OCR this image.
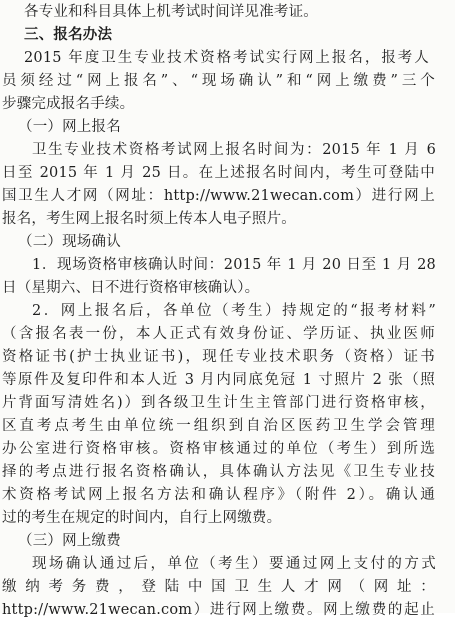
各专业和科目具体上机考试时间详见准考证。
三、报名办法
2015 年度卫生专业技术资格考试实行网上报名，报考人
员须经过“网上报名”、“现场确认”和“网上缴费”三个
步骤完成报名手续。
（一）网上报名
卫生专业技术资格考试网上报名时间为：2015 年 1 月 6
日至 2015 年 1 月 25 日。在上述报名时间内，考生可登陆中
国卫生人才网（网址：http://www.21wecan.com）进行网上
报名，考生网上报名时须上传本人电子照片。
（二）现场确认
1．现场资格审核确认时间：2015 年 1 月 20 日至 1 月 28
日（星期六、日不进行资格审核确认）。
2．网上报名后，各单位（考生）持规定的“报考材料”
（含报名表一份，本人正式有效身份证、学历证、执业医师
资格证书(护士执业证书)，现任专业技术职务（资格）证书
等原件及复印件和本人近 3 月内同底免冠 1 寸照片 2 张（照
片背面写清姓名)）到各级卫生计生主管部门进行资格审核，
区直考点考生由单位统一组织到自治区医药卫生学会管理
办公室进行资格审核。资格审核通过的单位（考生）到所选
择的考点进行报名资格确认，具体确认方法见《卫生专业技
术资格考试网上报名方法和确认程序》（附件 2）。确认通
过的考生在规定的时间内，自行上网缴费。
（三）网上缴费
现场确认通过后，单位（考生）要通过网上支付的方式
缴纳考务费，登陆中国卫生人才网（网址：
http://www.21wecan.com）进行网上缴费。网上缴费的起止
